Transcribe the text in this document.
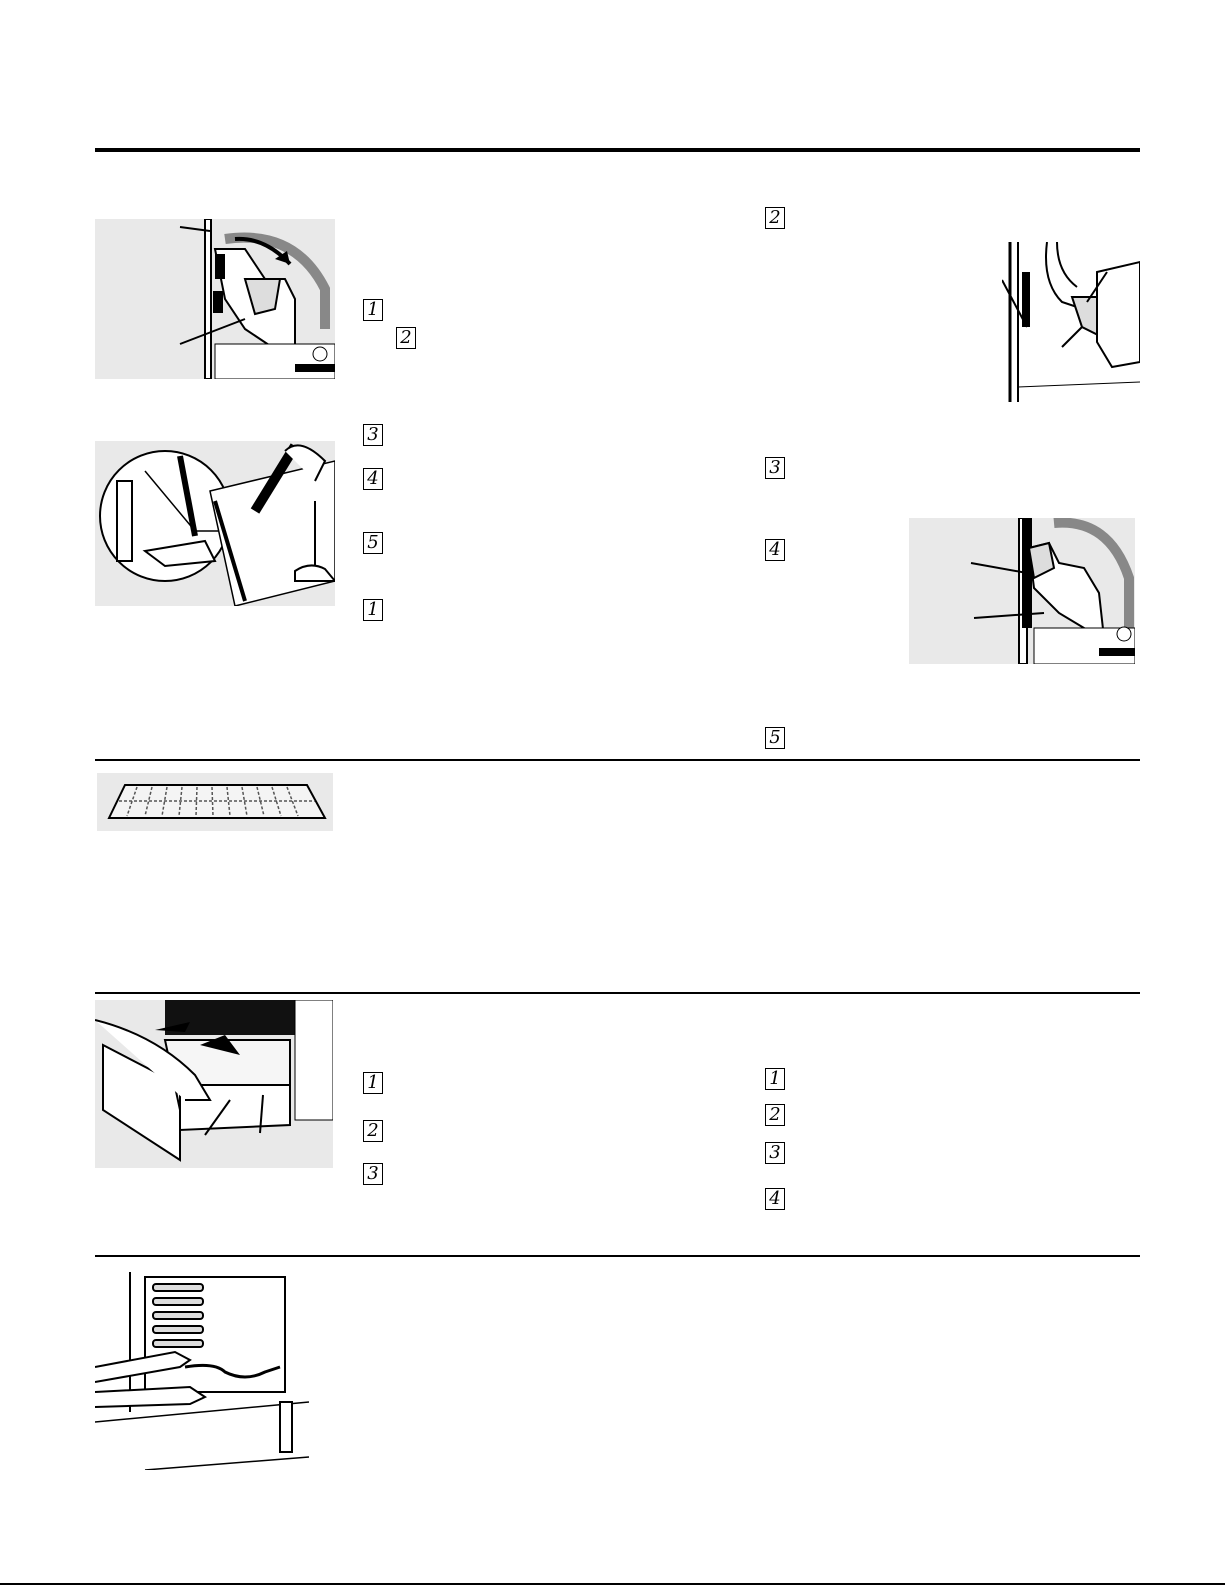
1
2
3
4
5
1
2
3
4
5
1
2
3
1
2
3
4
